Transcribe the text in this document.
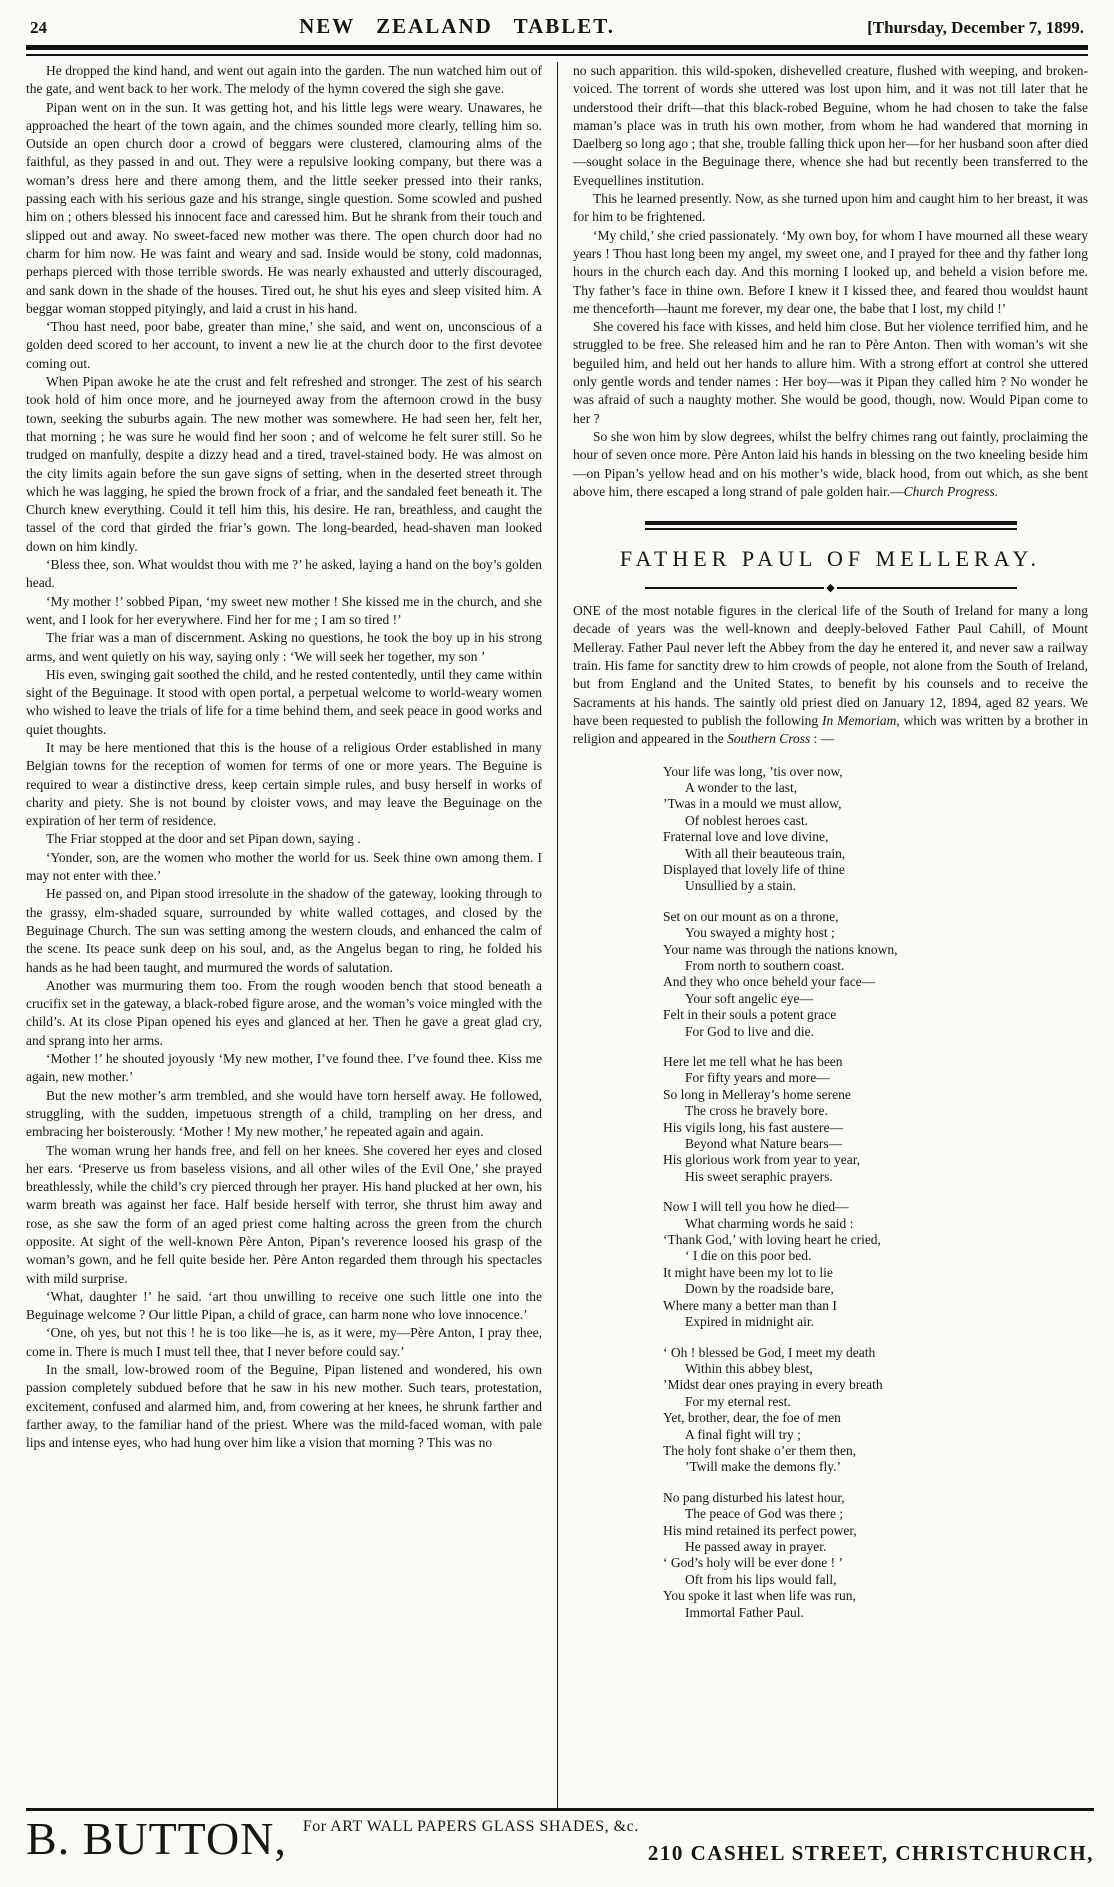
24	NEW ZEALAND TABLET.	[Thursday, December 7, 1899.

He dropped the kind hand, and went out again into the garden. The nun watched him out of the gate, and went back to her work. The melody of the hymn covered the sigh she gave.

Pipan went on in the sun. It was getting hot, and his little legs were weary. Unawares, he approached the heart of the town again, and the chimes sounded more clearly, telling him so. Outside an open church door a crowd of beggars were clustered, clamouring alms of the faithful, as they passed in and out. They were a repulsive looking company, but there was a woman’s dress here and there among them, and the little seeker pressed into their ranks, passing each with his serious gaze and his strange, single question. Some scowled and pushed him on ; others blessed his innocent face and caressed him. But he shrank from their touch and slipped out and away. No sweet-faced new mother was there. The open church door had no charm for him now. He was faint and weary and sad. Inside would be stony, cold madonnas, perhaps pierced with those terrible swords. He was nearly exhausted and utterly discouraged, and sank down in the shade of the houses. Tired out, he shut his eyes and sleep visited him. A beggar woman stopped pityingly, and laid a crust in his hand.

‘Thou hast need, poor babe, greater than mine,’ she said, and went on, unconscious of a golden deed scored to her account, to invent a new lie at the church door to the first devotee coming out.

When Pipan awoke he ate the crust and felt refreshed and stronger. The zest of his search took hold of him once more, and he journeyed away from the afternoon crowd in the busy town, seeking the suburbs again. The new mother was somewhere. He had seen her, felt her, that morning ; he was sure he would find her soon ; and of welcome he felt surer still. So he trudged on manfully, despite a dizzy head and a tired, travel-stained body. He was almost on the city limits again before the sun gave signs of setting, when in the deserted street through which he was lagging, he spied the brown frock of a friar, and the sandaled feet beneath it. The Church knew everything. Could it tell him this, his desire. He ran, breathless, and caught the tassel of the cord that girded the friar’s gown. The long-bearded, head-shaven man looked down on him kindly.

‘Bless thee, son. What wouldst thou with me ?’ he asked, laying a hand on the boy’s golden head.

‘My mother !’ sobbed Pipan, ‘my sweet new mother ! She kissed me in the church, and she went, and I look for her everywhere. Find her for me ; I am so tired !’

The friar was a man of discernment. Asking no questions, he took the boy up in his strong arms, and went quietly on his way, saying only : ‘We will seek her together, my son ’

His even, swinging gait soothed the child, and he rested contentedly, until they came within sight of the Beguinage. It stood with open portal, a perpetual welcome to world-weary women who wished to leave the trials of life for a time behind them, and seek peace in good works and quiet thoughts.

It may be here mentioned that this is the house of a religious Order established in many Belgian towns for the reception of women for terms of one or more years. The Beguine is required to wear a distinctive dress, keep certain simple rules, and busy herself in works of charity and piety. She is not bound by cloister vows, and may leave the Beguinage on the expiration of her term of residence.

The Friar stopped at the door and set Pipan down, saying .

‘Yonder, son, are the women who mother the world for us. Seek thine own among them. I may not enter with thee.’

He passed on, and Pipan stood irresolute in the shadow of the gateway, looking through to the grassy, elm-shaded square, surrounded by white walled cottages, and closed by the Beguinage Church. The sun was setting among the western clouds, and enhanced the calm of the scene. Its peace sunk deep on his soul, and, as the Angelus began to ring, he folded his hands as he had been taught, and murmured the words of salutation.

Another was murmuring them too. From the rough wooden bench that stood beneath a crucifix set in the gateway, a black-robed figure arose, and the woman’s voice mingled with the child’s. At its close Pipan opened his eyes and glanced at her. Then he gave a great glad cry, and sprang into her arms.

‘Mother !’ he shouted joyously ‘My new mother, I’ve found thee. I’ve found thee. Kiss me again, new mother.’

But the new mother’s arm trembled, and she would have torn herself away. He followed, struggling, with the sudden, impetuous strength of a child, trampling on her dress, and embracing her boisterously. ‘Mother ! My new mother,’ he repeated again and again.

The woman wrung her hands free, and fell on her knees. She covered her eyes and closed her ears. ‘Preserve us from baseless visions, and all other wiles of the Evil One,’ she prayed breathlessly, while the child’s cry pierced through her prayer. His hand plucked at her own, his warm breath was against her face. Half beside herself with terror, she thrust him away and rose, as she saw the form of an aged priest come halting across the green from the church opposite. At sight of the well-known Père Anton, Pipan’s reverence loosed his grasp of the woman’s gown, and he fell quite beside her. Père Anton regarded them through his spectacles with mild surprise.

‘What, daughter !’ he said. ‘art thou unwilling to receive one such little one into the Beguinage welcome ? Our little Pipan, a child of grace, can harm none who love innocence.’

‘One, oh yes, but not this ! he is too like—he is, as it were, my—Père Anton, I pray thee, come in. There is much I must tell thee, that I never before could say.’

In the small, low-browed room of the Beguine, Pipan listened and wondered, his own passion completely subdued before that he saw in his new mother. Such tears, protestation, excitement, confused and alarmed him, and, from cowering at her knees, he shrunk farther and farther away, to the familiar hand of the priest. Where was the mild-faced woman, with pale lips and intense eyes, who had hung over him like a vision that morning ? This was no

no such apparition. this wild-spoken, dishevelled creature, flushed with weeping, and broken-voiced. The torrent of words she uttered was lost upon him, and it was not till later that he understood their drift—that this black-robed Beguine, whom he had chosen to take the false maman’s place was in truth his own mother, from whom he had wandered that morning in Daelberg so long ago ; that she, trouble falling thick upon her—for her husband soon after died—sought solace in the Beguinage there, whence she had but recently been transferred to the Evequellines institution.

This he learned presently. Now, as she turned upon him and caught him to her breast, it was for him to be frightened.

‘My child,’ she cried passionately. ‘My own boy, for whom I have mourned all these weary years ! Thou hast long been my angel, my sweet one, and I prayed for thee and thy father long hours in the church each day. And this morning I looked up, and beheld a vision before me. Thy father’s face in thine own. Before I knew it I kissed thee, and feared thou wouldst haunt me thenceforth—haunt me forever, my dear one, the babe that I lost, my child !’

She covered his face with kisses, and held him close. But her violence terrified him, and he struggled to be free. She released him and he ran to Père Anton. Then with woman’s wit she beguiled him, and held out her hands to allure him. With a strong effort at control she uttered only gentle words and tender names : Her boy—was it Pipan they called him ? No wonder he was afraid of such a naughty mother. She would be good, though, now. Would Pipan come to her ?

So she won him by slow degrees, whilst the belfry chimes rang out faintly, proclaiming the hour of seven once more. Père Anton laid his hands in blessing on the two kneeling beside him—on Pipan’s yellow head and on his mother’s wide, black hood, from out which, as she bent above him, there escaped a long strand of pale golden hair.—Church Progress.

FATHER PAUL OF MELLERAY.
◆

ONE of the most notable figures in the clerical life of the South of Ireland for many a long decade of years was the well-known and deeply-beloved Father Paul Cahill, of Mount Melleray. Father Paul never left the Abbey from the day he entered it, and never saw a railway train. His fame for sanctity drew to him crowds of people, not alone from the South of Ireland, but from England and the United States, to benefit by his counsels and to receive the Sacraments at his hands. The saintly old priest died on January 12, 1894, aged 82 years. We have been requested to publish the following In Memoriam, which was written by a brother in religion and appeared in the Southern Cross : —

Your life was long, ’tis over now,
A wonder to the last,
’Twas in a mould we must allow,
Of noblest heroes cast.
Fraternal love and love divine,
With all their beauteous train,
Displayed that lovely life of thine
Unsullied by a stain.
Set on our mount as on a throne,
You swayed a mighty host ;
Your name was through the nations known,
From north to southern coast.
And they who once beheld your face—
Your soft angelic eye—
Felt in their souls a potent grace
For God to live and die.
Here let me tell what he has been
For fifty years and more—
So long in Melleray’s home serene
The cross he bravely bore.
His vigils long, his fast austere—
Beyond what Nature bears—
His glorious work from year to year,
His sweet seraphic prayers.
Now I will tell you how he died—
What charming words he said :
‘Thank God,’ with loving heart he cried,
‘ I die on this poor bed.
It might have been my lot to lie
Down by the roadside bare,
Where many a better man than I
Expired in midnight air.
‘ Oh ! blessed be God, I meet my death
Within this abbey blest,
’Midst dear ones praying in every breath
For my eternal rest.
Yet, brother, dear, the foe of men
A final fight will try ;
The holy font shake o’er them then,
’Twill make the demons fly.’
No pang disturbed his latest hour,
The peace of God was there ;
His mind retained its perfect power,
He passed away in prayer.
‘ God’s holy will be ever done ! ’
Oft from his lips would fall,
You spoke it last when life was run,
Immortal Father Paul.
B. BUTTON,	For ART WALL PAPERS GLASS SHADES, &c.
210 CASHEL STREET, CHRISTCHURCH,
